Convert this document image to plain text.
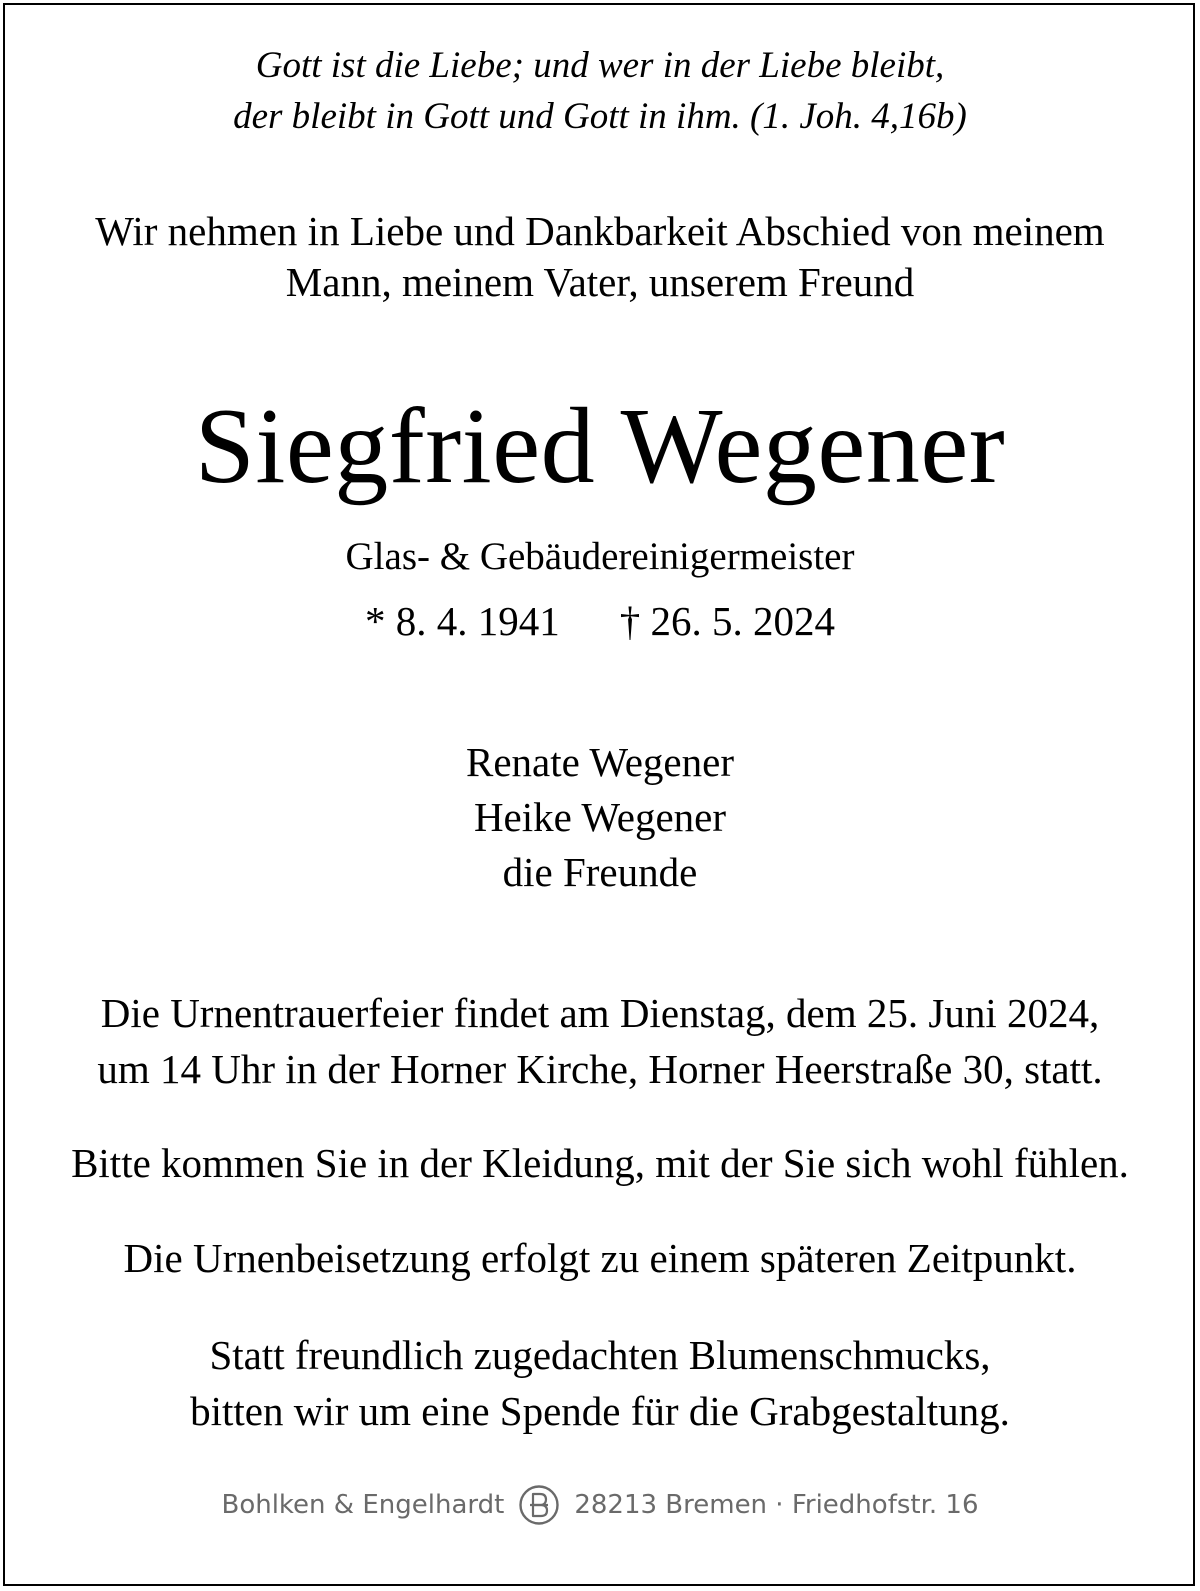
Gott ist die Liebe; und wer in der Liebe bleibt,
der bleibt in Gott und Gott in ihm. (1. Joh. 4,16b)
Wir nehmen in Liebe und Dankbarkeit Abschied von meinem
Mann, meinem Vater, unserem Freund
Siegfried Wegener
Glas- & Gebäudereinigermeister
* 8. 4. 1941 † 26. 5. 2024
Renate Wegener
Heike Wegener
die Freunde
Die Urnentrauerfeier findet am Dienstag, dem 25. Juni 2024,
um 14 Uhr in der Horner Kirche, Horner Heerstraße 30, statt.
Bitte kommen Sie in der Kleidung, mit der Sie sich wohl fühlen.
Die Urnenbeisetzung erfolgt zu einem späteren Zeitpunkt.
Statt freundlich zugedachten Blumenschmucks,
bitten wir um eine Spende für die Grabgestaltung.
Bohlken & Engelhardt	28213 Bremen · Friedhofstr. 16
